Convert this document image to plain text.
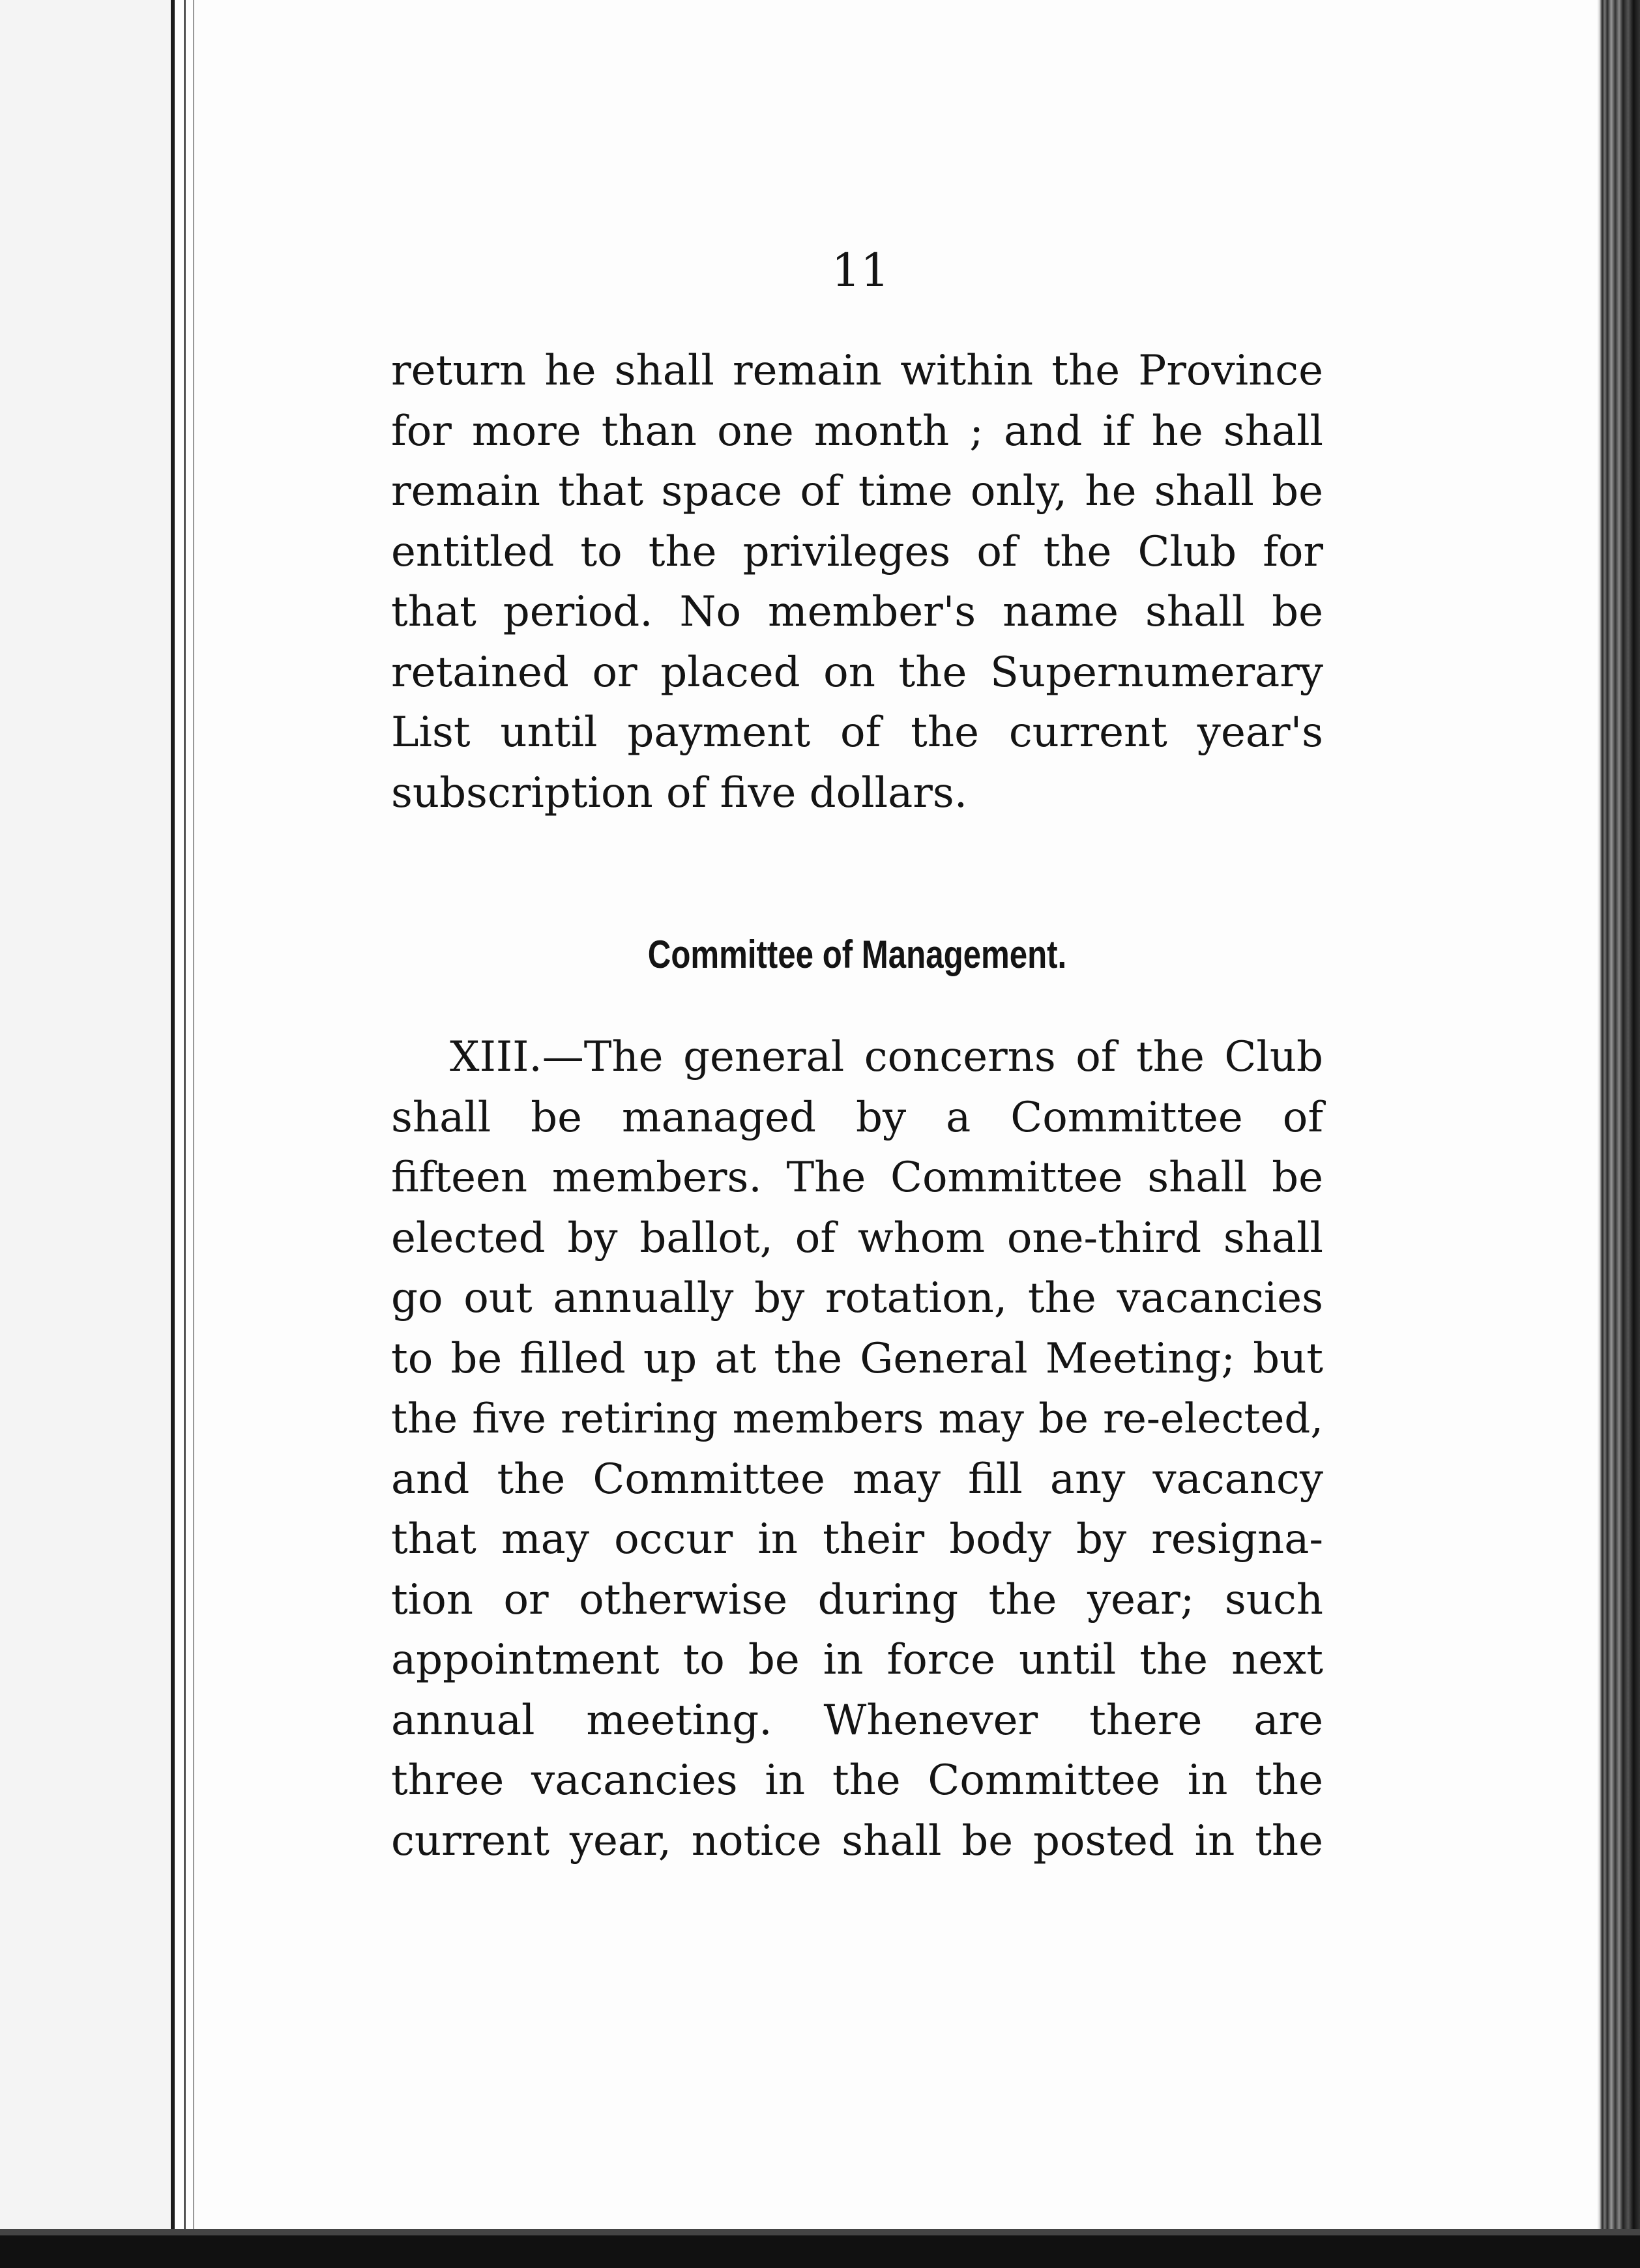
11
return he shall remain within the Province
for more than one month ; and if he shall
remain that space of time only, he shall be
entitled to the privileges of the Club for
that period. No member's name shall be
retained or placed on the Supernumerary
List until payment of the current year's
subscription of five dollars.
Committee of Management.
XIII.—The general concerns of the Club
shall be managed by a Committee of
fifteen members. The Committee shall be
elected by ballot, of whom one-third shall
go out annually by rotation, the vacancies
to be filled up at the General Meeting; but
the five retiring members may be re-elected,
and the Committee may fill any vacancy
that may occur in their body by resigna-
tion or otherwise during the year; such
appointment to be in force until the next
annual meeting. Whenever there are
three vacancies in the Committee in the
current year, notice shall be posted in the
